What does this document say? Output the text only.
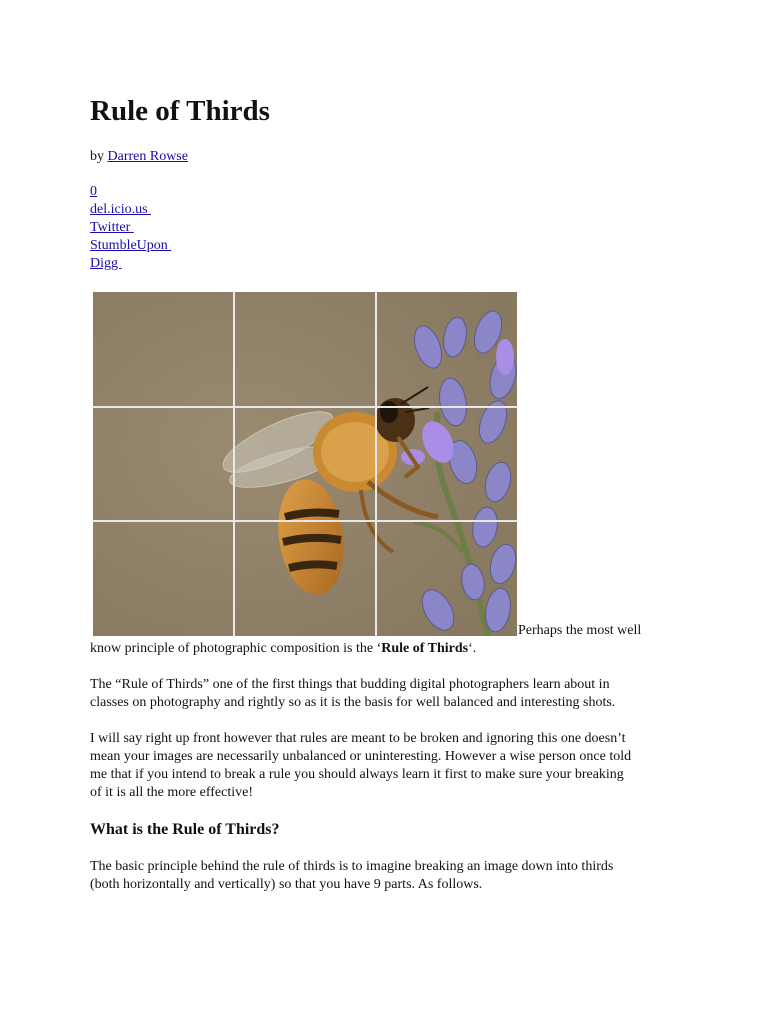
Rule of Thirds
by Darren Rowse
0
del.icio.us
Twitter
StumbleUpon
Digg
Perhaps the most well
know principle of photographic composition is the ‘Rule of Thirds‘.

The “Rule of Thirds” one of the first things that budding digital photographers learn about in
classes on photography and rightly so as it is the basis for well balanced and interesting shots.

I will say right up front however that rules are meant to be broken and ignoring this one doesn’t
mean your images are necessarily unbalanced or uninteresting. However a wise person once told
me that if you intend to break a rule you should always learn it first to make sure your breaking
of it is all the more effective!

What is the Rule of Thirds?

The basic principle behind the rule of thirds is to imagine breaking an image down into thirds
(both horizontally and vertically) so that you have 9 parts. As follows.
